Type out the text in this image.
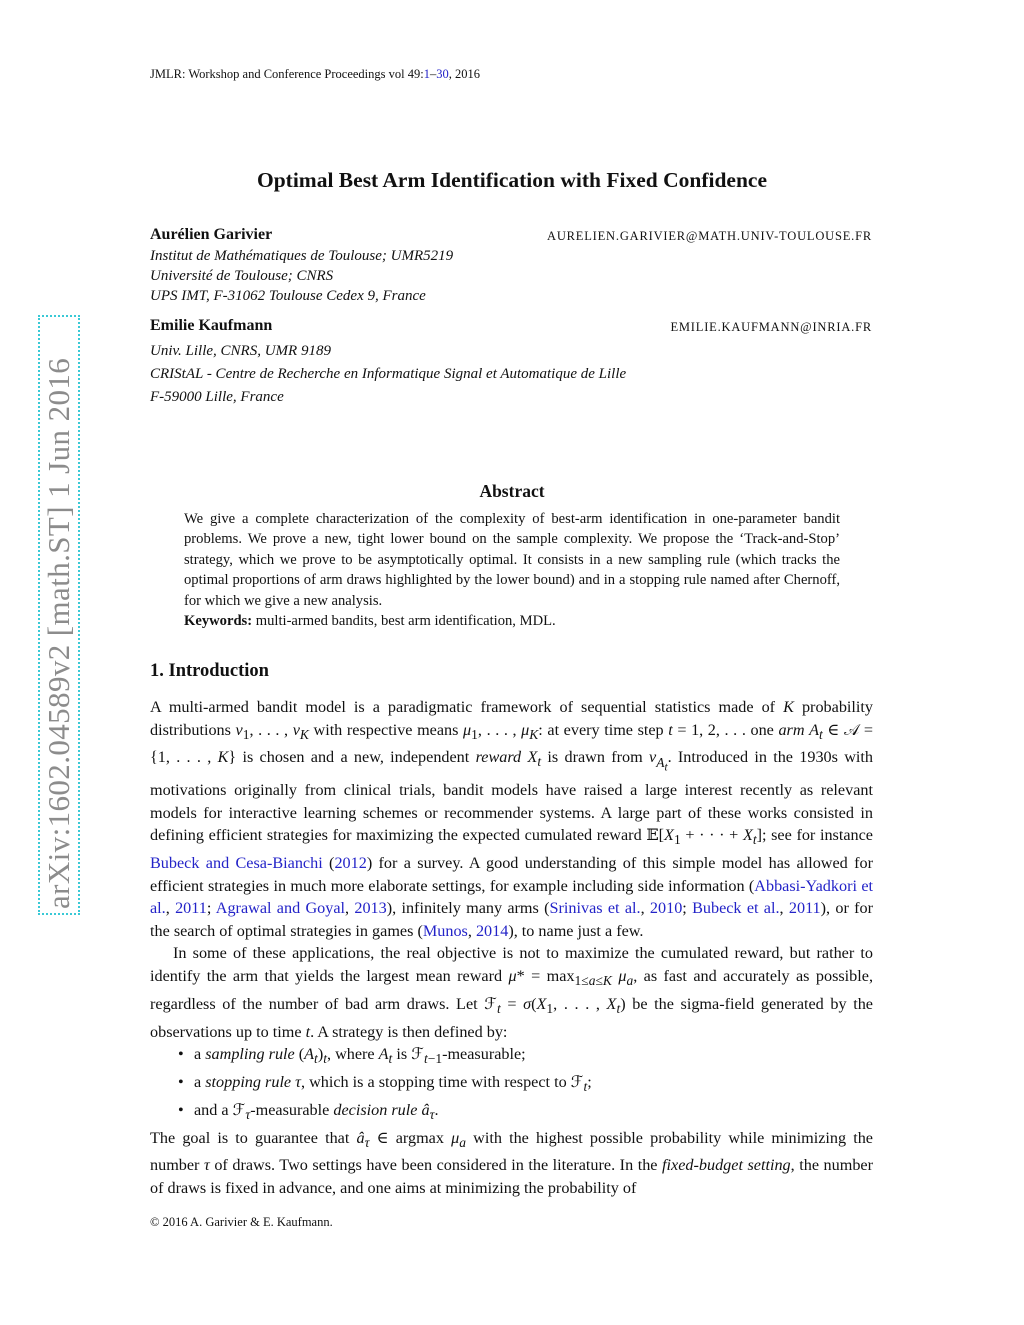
JMLR: Workshop and Conference Proceedings vol 49:1–30, 2016
arXiv:1602.04589v2 [math.ST] 1 Jun 2016
Optimal Best Arm Identification with Fixed Confidence
Aurélien Garivier	AURELIEN.GARIVIER@MATH.UNIV-TOULOUSE.FR
Institut de Mathématiques de Toulouse; UMR5219
Université de Toulouse; CNRS
UPS IMT, F-31062 Toulouse Cedex 9, France
Emilie Kaufmann	EMILIE.KAUFMANN@INRIA.FR
Univ. Lille, CNRS, UMR 9189
CRIStAL - Centre de Recherche en Informatique Signal et Automatique de Lille
F-59000 Lille, France
Abstract

We give a complete characterization of the complexity of best-arm identification in one-parameter bandit problems. We prove a new, tight lower bound on the sample complexity. We propose the ‘Track-and-Stop’ strategy, which we prove to be asymptotically optimal. It consists in a new sampling rule (which tracks the optimal proportions of arm draws highlighted by the lower bound) and in a stopping rule named after Chernoff, for which we give a new analysis.

Keywords: multi-armed bandits, best arm identification, MDL.

1. Introduction

A multi-armed bandit model is a paradigmatic framework of sequential statistics made of K probability distributions $\nu_1$, . . . , $\nu_K$ with respective means $\mu_1$, . . . , $\mu_K$: at every time step t = 1, 2, . . . one arm $A_t$ ∈ 𝒜 = {1, . . . , K} is chosen and a new, independent reward $X_t$ is drawn from $\nu_{A_t}$. Introduced in the 1930s with motivations originally from clinical trials, bandit models have raised a large interest recently as relevant models for interactive learning schemes or recommender systems. A large part of these works consisted in defining efficient strategies for maximizing the expected cumulated reward $𝔼[X_1$ + · · · + $X_t$]; see for instance Bubeck and Cesa-Bianchi (2012) for a survey. A good understanding of this simple model has allowed for efficient strategies in much more elaborate settings, for example including side information (Abbasi-Yadkori et al., 2011; Agrawal and Goyal, 2013), infinitely many arms (Srinivas et al., 2010; Bubeck et al., 2011), or for the search of optimal strategies in games (Munos, 2014), to name just a few.

In some of these applications, the real objective is not to maximize the cumulated reward, but rather to identify the arm that yields the largest mean reward $\mu* = \max_{1\le a\le K} \mu_a$, as fast and accurately as possible, regardless of the number of bad arm draws. Let ℱ$_t$ = $\sigma(X_1$, . . . , $X_t$) be the sigma-field generated by the observations up to time t. A strategy is then defined by:

• a sampling rule $(A_t)_t$, where $A_t$ is ℱ$_{t-1}$-measurable;
• a stopping rule τ, which is a stopping time with respect to ℱ$_t$;
• and a ℱ$_\tau$-measurable decision rule $â_\tau$.

The goal is to guarantee that $â_\tau$ ∈ argmax $\mu_a$ with the highest possible probability while minimizing the number τ of draws. Two settings have been considered in the literature. In the fixed-budget setting, the number of draws is fixed in advance, and one aims at minimizing the probability of

© 2016 A. Garivier & E. Kaufmann.
